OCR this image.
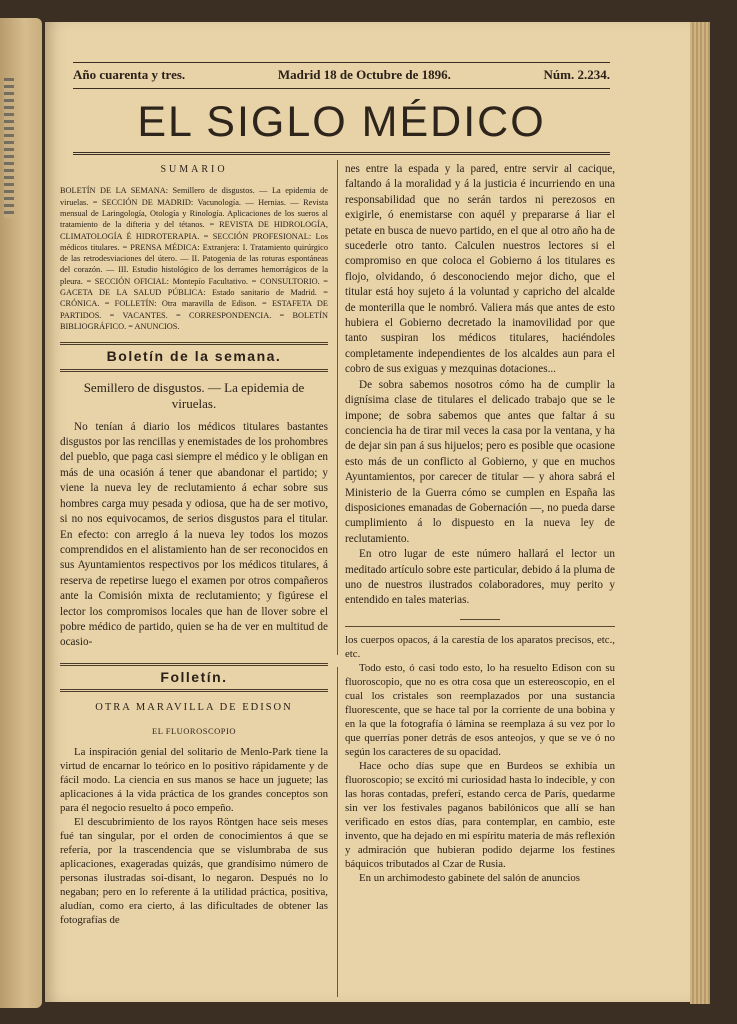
Año cuarenta y tres.	Madrid 18 de Octubre de 1896.	Núm. 2.234.
EL SIGLO MÉDICO
SUMARIO
BOLETÍN DE LA SEMANA: Semillero de disgustos. — La epidemia de viruelas. = SECCIÓN DE MADRID: Vacunología. — Hernias. — Revista mensual de Laringología, Otología y Rinología. Aplicaciones de los sueros al tratamiento de la difteria y del tétanos. = REVISTA DE HIDROLOGÍA, CLIMATOLOGÍA É HIDROTERAPIA. = SECCIÓN PROFESIONAL: Los médicos titulares. = PRENSA MÉDICA: Extranjera: I. Tratamiento quirúrgico de las retrodesviaciones del útero. — II. Patogenia de las roturas espontáneas del corazón. — III. Estudio histológico de los derrames hemorrágicos de la pleura. = SECCIÓN OFICIAL: Montepío Facultativo. = CONSULTORIO. = GACETA DE LA SALUD PÚBLICA: Estado sanitario de Madrid. = CRÓNICA. = FOLLETÍN: Otra maravilla de Edison. = ESTAFETA DE PARTIDOS. = VACANTES. = CORRESPONDENCIA. = BOLETÍN BIBLIOGRÁFICO. = ANUNCIOS.
Boletín de la semana.
Semillero de disgustos. — La epidemia de viruelas.

No tenían á diario los médicos titulares bastantes disgustos por las rencillas y enemistades de los prohombres del pueblo, que paga casi siempre el médico y le obligan en más de una ocasión á tener que abandonar el partido; y viene la nueva ley de reclutamiento á echar sobre sus hombres carga muy pesada y odiosa, que ha de ser motivo, si no nos equivocamos, de serios disgustos para el titular. En efecto: con arreglo á la nueva ley todos los mozos comprendidos en el alistamiento han de ser reconocidos en sus Ayuntamientos respectivos por los médicos titulares, á reserva de repetirse luego el examen por otros compañeros ante la Comisión mixta de reclutamiento; y figúrese el lector los compromisos locales que han de llover sobre el pobre médico de partido, quien se ha de ver en multitud de ocasio-

Folletín.
OTRA MARAVILLA DE EDISON
EL FLUOROSCOPIO

La inspiración genial del solitario de Menlo-Park tiene la virtud de encarnar lo teórico en lo positivo rápidamente y de fácil modo. La ciencia en sus manos se hace un juguete; las aplicaciones á la vida práctica de los grandes conceptos son para él negocio resuelto á poco empeño.

El descubrimiento de los rayos Röntgen hace seis meses fué tan singular, por el orden de conocimientos á que se refería, por la trascendencia que se vislumbraba de sus aplicaciones, exageradas quizás, que grandísimo número de personas ilustradas soi-disant, lo negaron. Después no lo negaban; pero en lo referente á la utilidad práctica, positiva, aludían, como era cierto, á las dificultades de obtener las fotografías de

nes entre la espada y la pared, entre servir al cacique, faltando á la moralidad y á la justicia é incurriendo en una responsabilidad que no serán tardos ni perezosos en exigirle, ó enemistarse con aquél y prepararse á liar el petate en busca de nuevo partido, en el que al otro año ha de sucederle otro tanto. Calculen nuestros lectores si el compromiso en que coloca el Gobierno á los titulares es flojo, olvidando, ó desconociendo mejor dicho, que el titular está hoy sujeto á la voluntad y capricho del alcalde de monterilla que le nombró. Valiera más que antes de esto hubiera el Gobierno decretado la inamovilidad por que tanto suspiran los médicos titulares, haciéndoles completamente independientes de los alcaldes aun para el cobro de sus exiguas y mezquinas dotaciones...

De sobra sabemos nosotros cómo ha de cumplir la dignísima clase de titulares el delicado trabajo que se le impone; de sobra sabemos que antes que faltar á su conciencia ha de tirar mil veces la casa por la ventana, y ha de dejar sin pan á sus hijuelos; pero es posible que ocasione esto más de un conflicto al Gobierno, y que en muchos Ayuntamientos, por carecer de titular — y ahora sabrá el Ministerio de la Guerra cómo se cumplen en España las disposiciones emanadas de Gobernación —, no pueda darse cumplimiento á lo dispuesto en la nueva ley de reclutamiento.

En otro lugar de este número hallará el lector un meditado artículo sobre este particular, debido á la pluma de uno de nuestros ilustrados colaboradores, muy perito y entendido en tales materias.

los cuerpos opacos, á la carestía de los aparatos precisos, etc., etc.

Todo esto, ó casi todo esto, lo ha resuelto Edison con su fluoroscopio, que no es otra cosa que un estereoscopio, en el cual los cristales son reemplazados por una sustancia fluorescente, que se hace tal por la corriente de una bobina y en la que la fotografía ó lámina se reemplaza á su vez por lo que querrías poner detrás de esos anteojos, y que se ve ó no según los caracteres de su opacidad.

Hace ocho días supe que en Burdeos se exhibía un fluoroscopio; se excitó mi curiosidad hasta lo indecible, y con las horas contadas, preferí, estando cerca de París, quedarme sin ver los festivales paganos babilónicos que allí se han verificado en estos días, para contemplar, en cambio, este invento, que ha dejado en mi espíritu materia de más reflexión y admiración que hubieran podido dejarme los festines báquicos tributados al Czar de Rusia.

En un archimodesto gabinete del salón de anuncios
